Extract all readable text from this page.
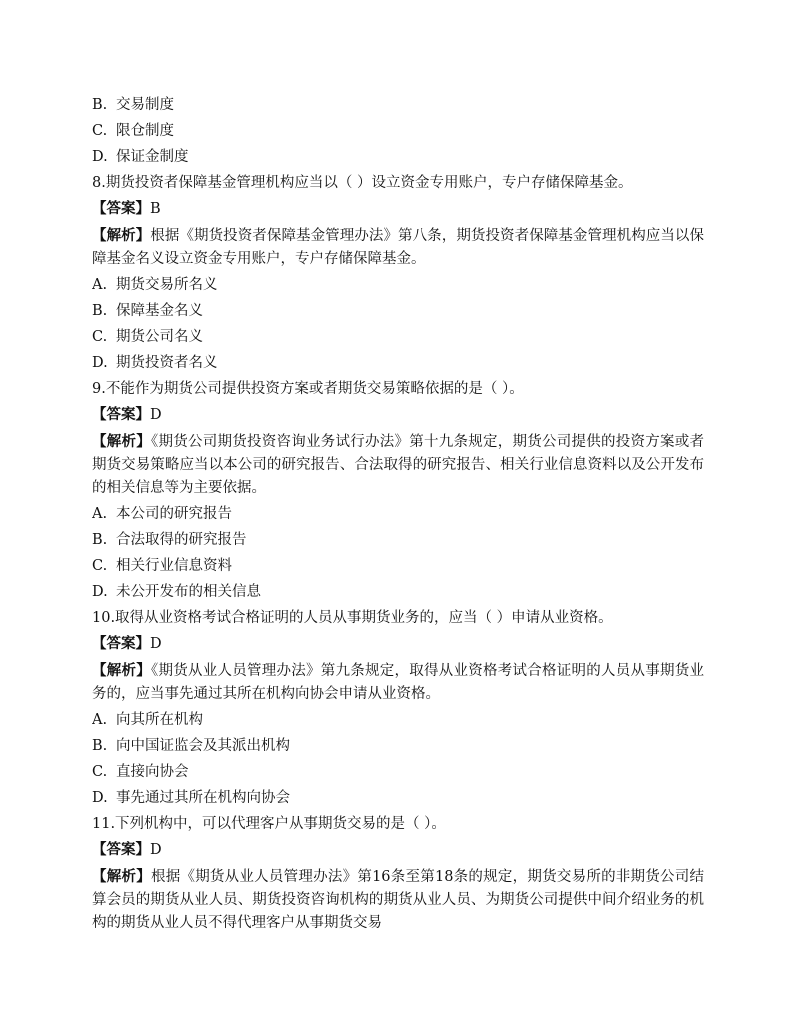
B. 交易制度
C. 限仓制度
D. 保证金制度
8.期货投资者保障基金管理机构应当以（ ）设立资金专用账户，专户存储保障基金。
【答案】B
【解析】根据《期货投资者保障基金管理办法》第八条，期货投资者保障基金管理机构应当以保障基金名义设立资金专用账户，专户存储保障基金。
A. 期货交易所名义
B. 保障基金名义
C. 期货公司名义
D. 期货投资者名义
9.不能作为期货公司提供投资方案或者期货交易策略依据的是（ ）。
【答案】D
【解析】《期货公司期货投资咨询业务试行办法》第十九条规定，期货公司提供的投资方案或者期货交易策略应当以本公司的研究报告、合法取得的研究报告、相关行业信息资料以及公开发布的相关信息等为主要依据。
A. 本公司的研究报告
B. 合法取得的研究报告
C. 相关行业信息资料
D. 未公开发布的相关信息
10.取得从业资格考试合格证明的人员从事期货业务的，应当（ ）申请从业资格。
【答案】D
【解析】《期货从业人员管理办法》第九条规定，取得从业资格考试合格证明的人员从事期货业务的，应当事先通过其所在机构向协会申请从业资格。
A. 向其所在机构
B. 向中国证监会及其派出机构
C. 直接向协会
D. 事先通过其所在机构向协会
11.下列机构中，可以代理客户从事期货交易的是（ ）。
【答案】D
【解析】根据《期货从业人员管理办法》第16条至第18条的规定，期货交易所的非期货公司结算会员的期货从业人员、期货投资咨询机构的期货从业人员、为期货公司提供中间介绍业务的机构的期货从业人员不得代理客户从事期货交易
